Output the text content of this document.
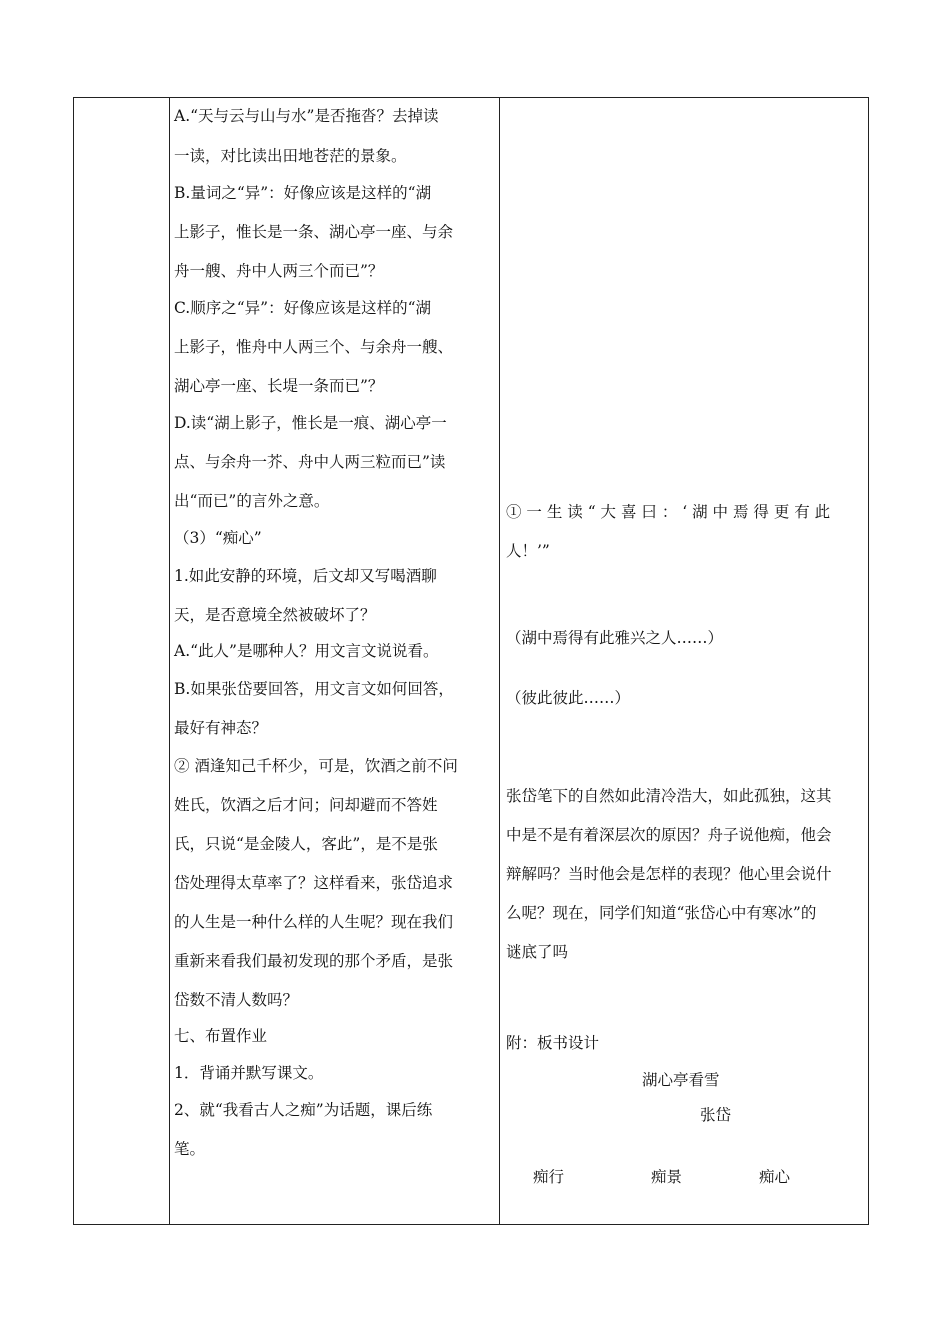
A.“天与云与山与水”是否拖沓？去掉读
一读，对比读出田地苍茫的景象。
B.量词之“异”：好像应该是这样的“湖
上影子，惟长是一条、湖心亭一座、与余
舟一艘、舟中人两三个而已”？
C.顺序之“异”：好像应该是这样的“湖
上影子，惟舟中人两三个、与余舟一艘、
湖心亭一座、长堤一条而已”？
D.读“湖上影子，惟长是一痕、湖心亭一
点、与余舟一芥、舟中人两三粒而已”读
出“而已”的言外之意。
（3）“痴心”
1.如此安静的环境，后文却又写喝酒聊
天，是否意境全然被破坏了？
A.“此人”是哪种人？用文言文说说看。
B.如果张岱要回答，用文言文如何回答，
最好有神态？
② 酒逢知己千杯少，可是，饮酒之前不问
姓氏，饮酒之后才问；问却避而不答姓
氏，只说“是金陵人，客此”，是不是张
岱处理得太草率了？这样看来，张岱追求
的人生是一种什么样的人生呢？现在我们
重新来看我们最初发现的那个矛盾，是张
岱数不清人数吗？
七、布置作业
1．背诵并默写课文。
2、就“我看古人之痴”为话题，课后练
笔。
① 一 生 读 “ 大 喜 曰 ： ‘ 湖 中 焉 得 更 有 此
人！’”
（湖中焉得有此雅兴之人……）
（彼此彼此……）
张岱笔下的自然如此清冷浩大，如此孤独，这其
中是不是有着深层次的原因？舟子说他痴，他会
辩解吗？当时他会是怎样的表现？他心里会说什
么呢？现在，同学们知道“张岱心中有寒冰”的
谜底了吗
附：板书设计
湖心亭看雪
张岱
痴行	痴景	痴心
